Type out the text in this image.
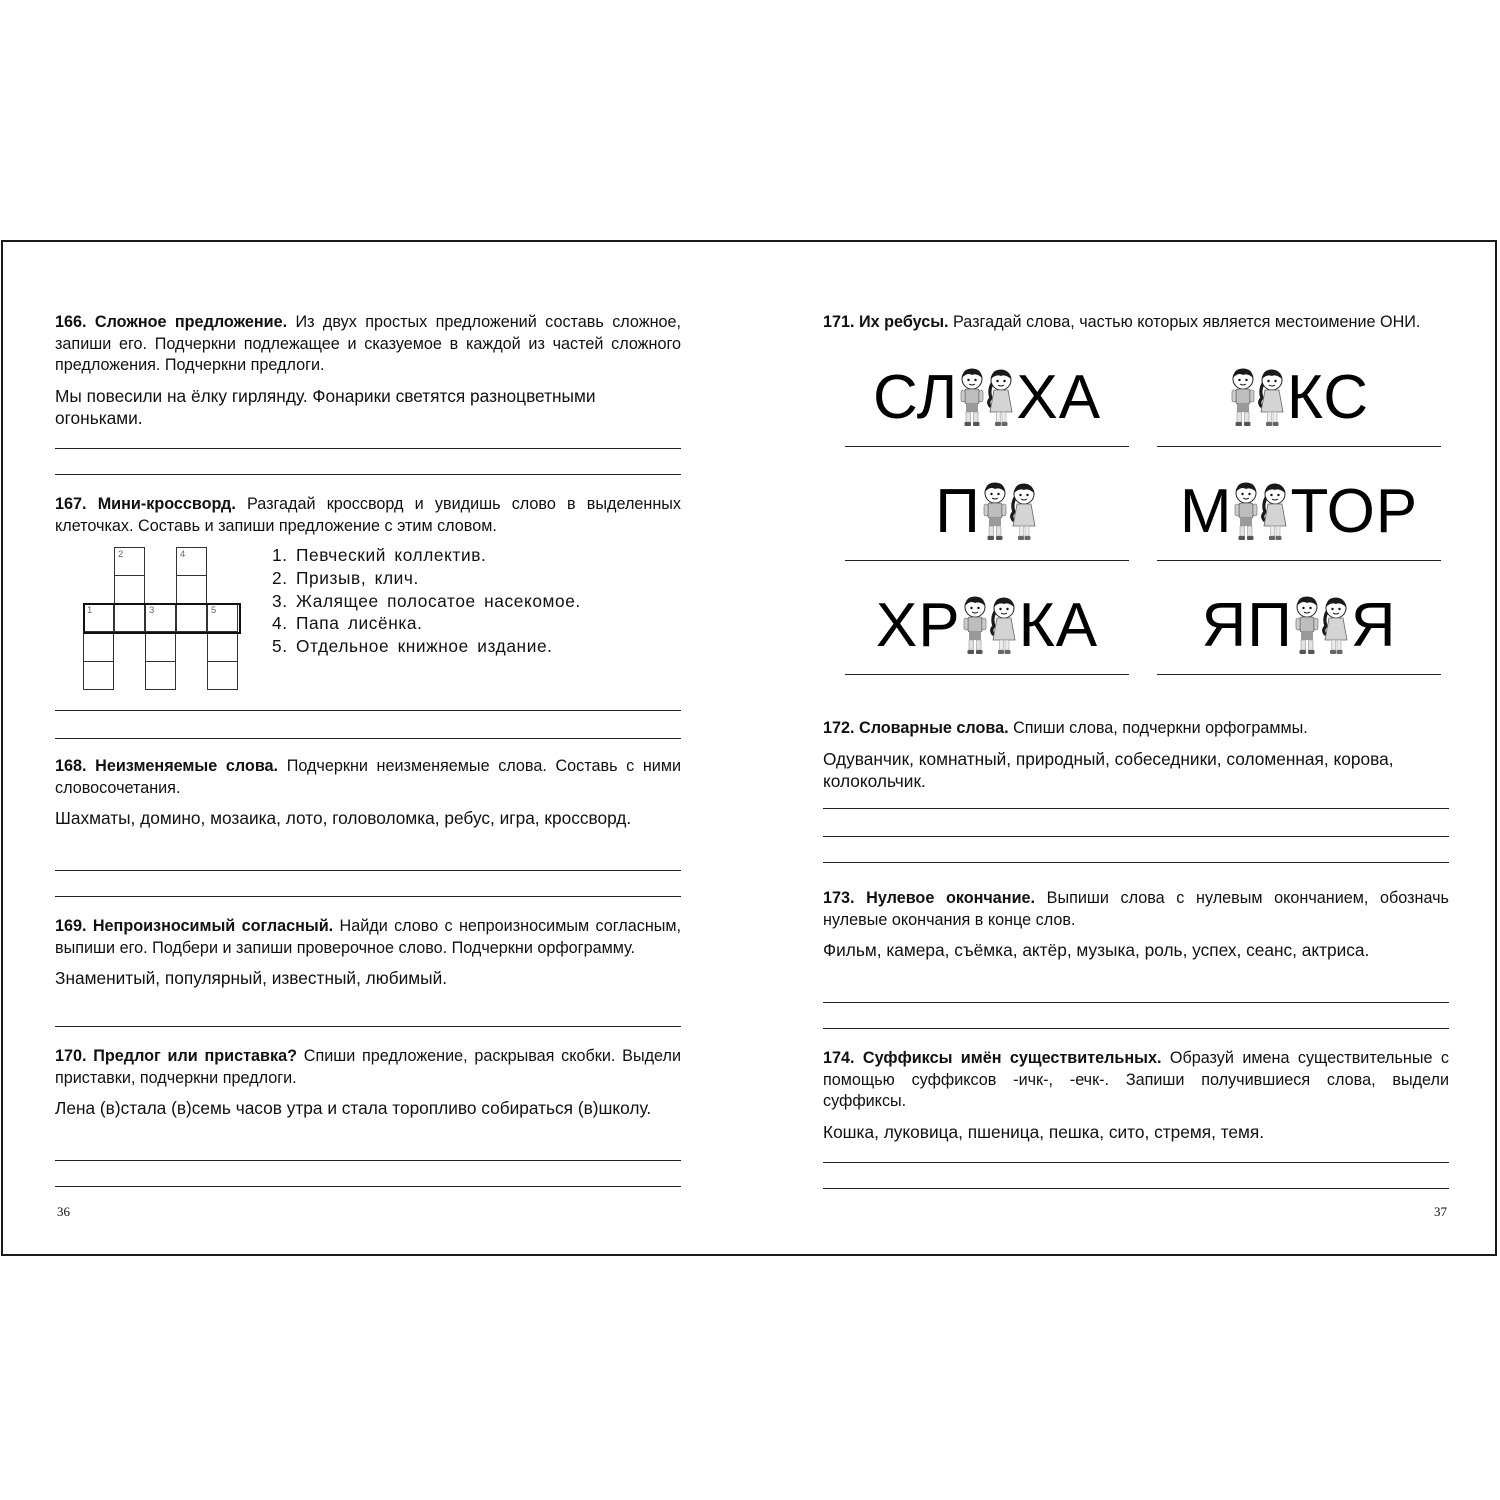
166. Сложное предложение. Из двух простых предложений составь сложное, запиши его. Подчеркни подлежащее и сказуемое в каждой из частей сложного предложения. Подчеркни предлоги.

Мы повесили на ёлку гирлянду. Фонарики светятся разноцветными огоньками.

167. Мини-кроссворд. Разгадай кроссворд и увидишь слово в выделенных клеточках. Составь и запиши предложение с этим словом.

2	4
1	3	5
1. Певческий коллектив.
2. Призыв, клич.
3. Жалящее полосатое насекомое.
4. Папа лисёнка.
5. Отдельное книжное издание.

168. Неизменяемые слова. Подчеркни неизменяемые слова. Составь с ними словосочетания.

Шахматы, домино, мозаика, лото, головоломка, ребус, игра, кроссворд.

169. Непроизносимый согласный. Найди слово с непроизносимым согласным, выпиши его. Подбери и запиши проверочное слово. Подчеркни орфограмму.

Знаменитый, популярный, известный, любимый.

170. Предлог или приставка? Спиши предложение, раскрывая скобки. Выдели приставки, подчеркни предлоги.

Лена (в)стала (в)семь часов утра и стала торопливо собираться (в)школу.

36

171. Их ребусы. Разгадай слова, частью которых является местоимение ОНИ.

СЛ ХА	КС
П	М ТОР
ХР КА ЯП Я

172. Словарные слова. Спиши слова, подчеркни орфограммы.

Одуванчик, комнатный, природный, собеседники, соломенная, корова, колокольчик.

173. Нулевое окончание. Выпиши слова с нулевым окончанием, обозначь нулевые окончания в конце слов.

Фильм, камера, съёмка, актёр, музыка, роль, успех, сеанс, актриса.

174. Суффиксы имён существительных. Образуй имена существительные с помощью суффиксов -ичк-, -ечк-. Запиши получившиеся слова, выдели суффиксы.

Кошка, луковица, пшеница, пешка, сито, стремя, темя.

37
